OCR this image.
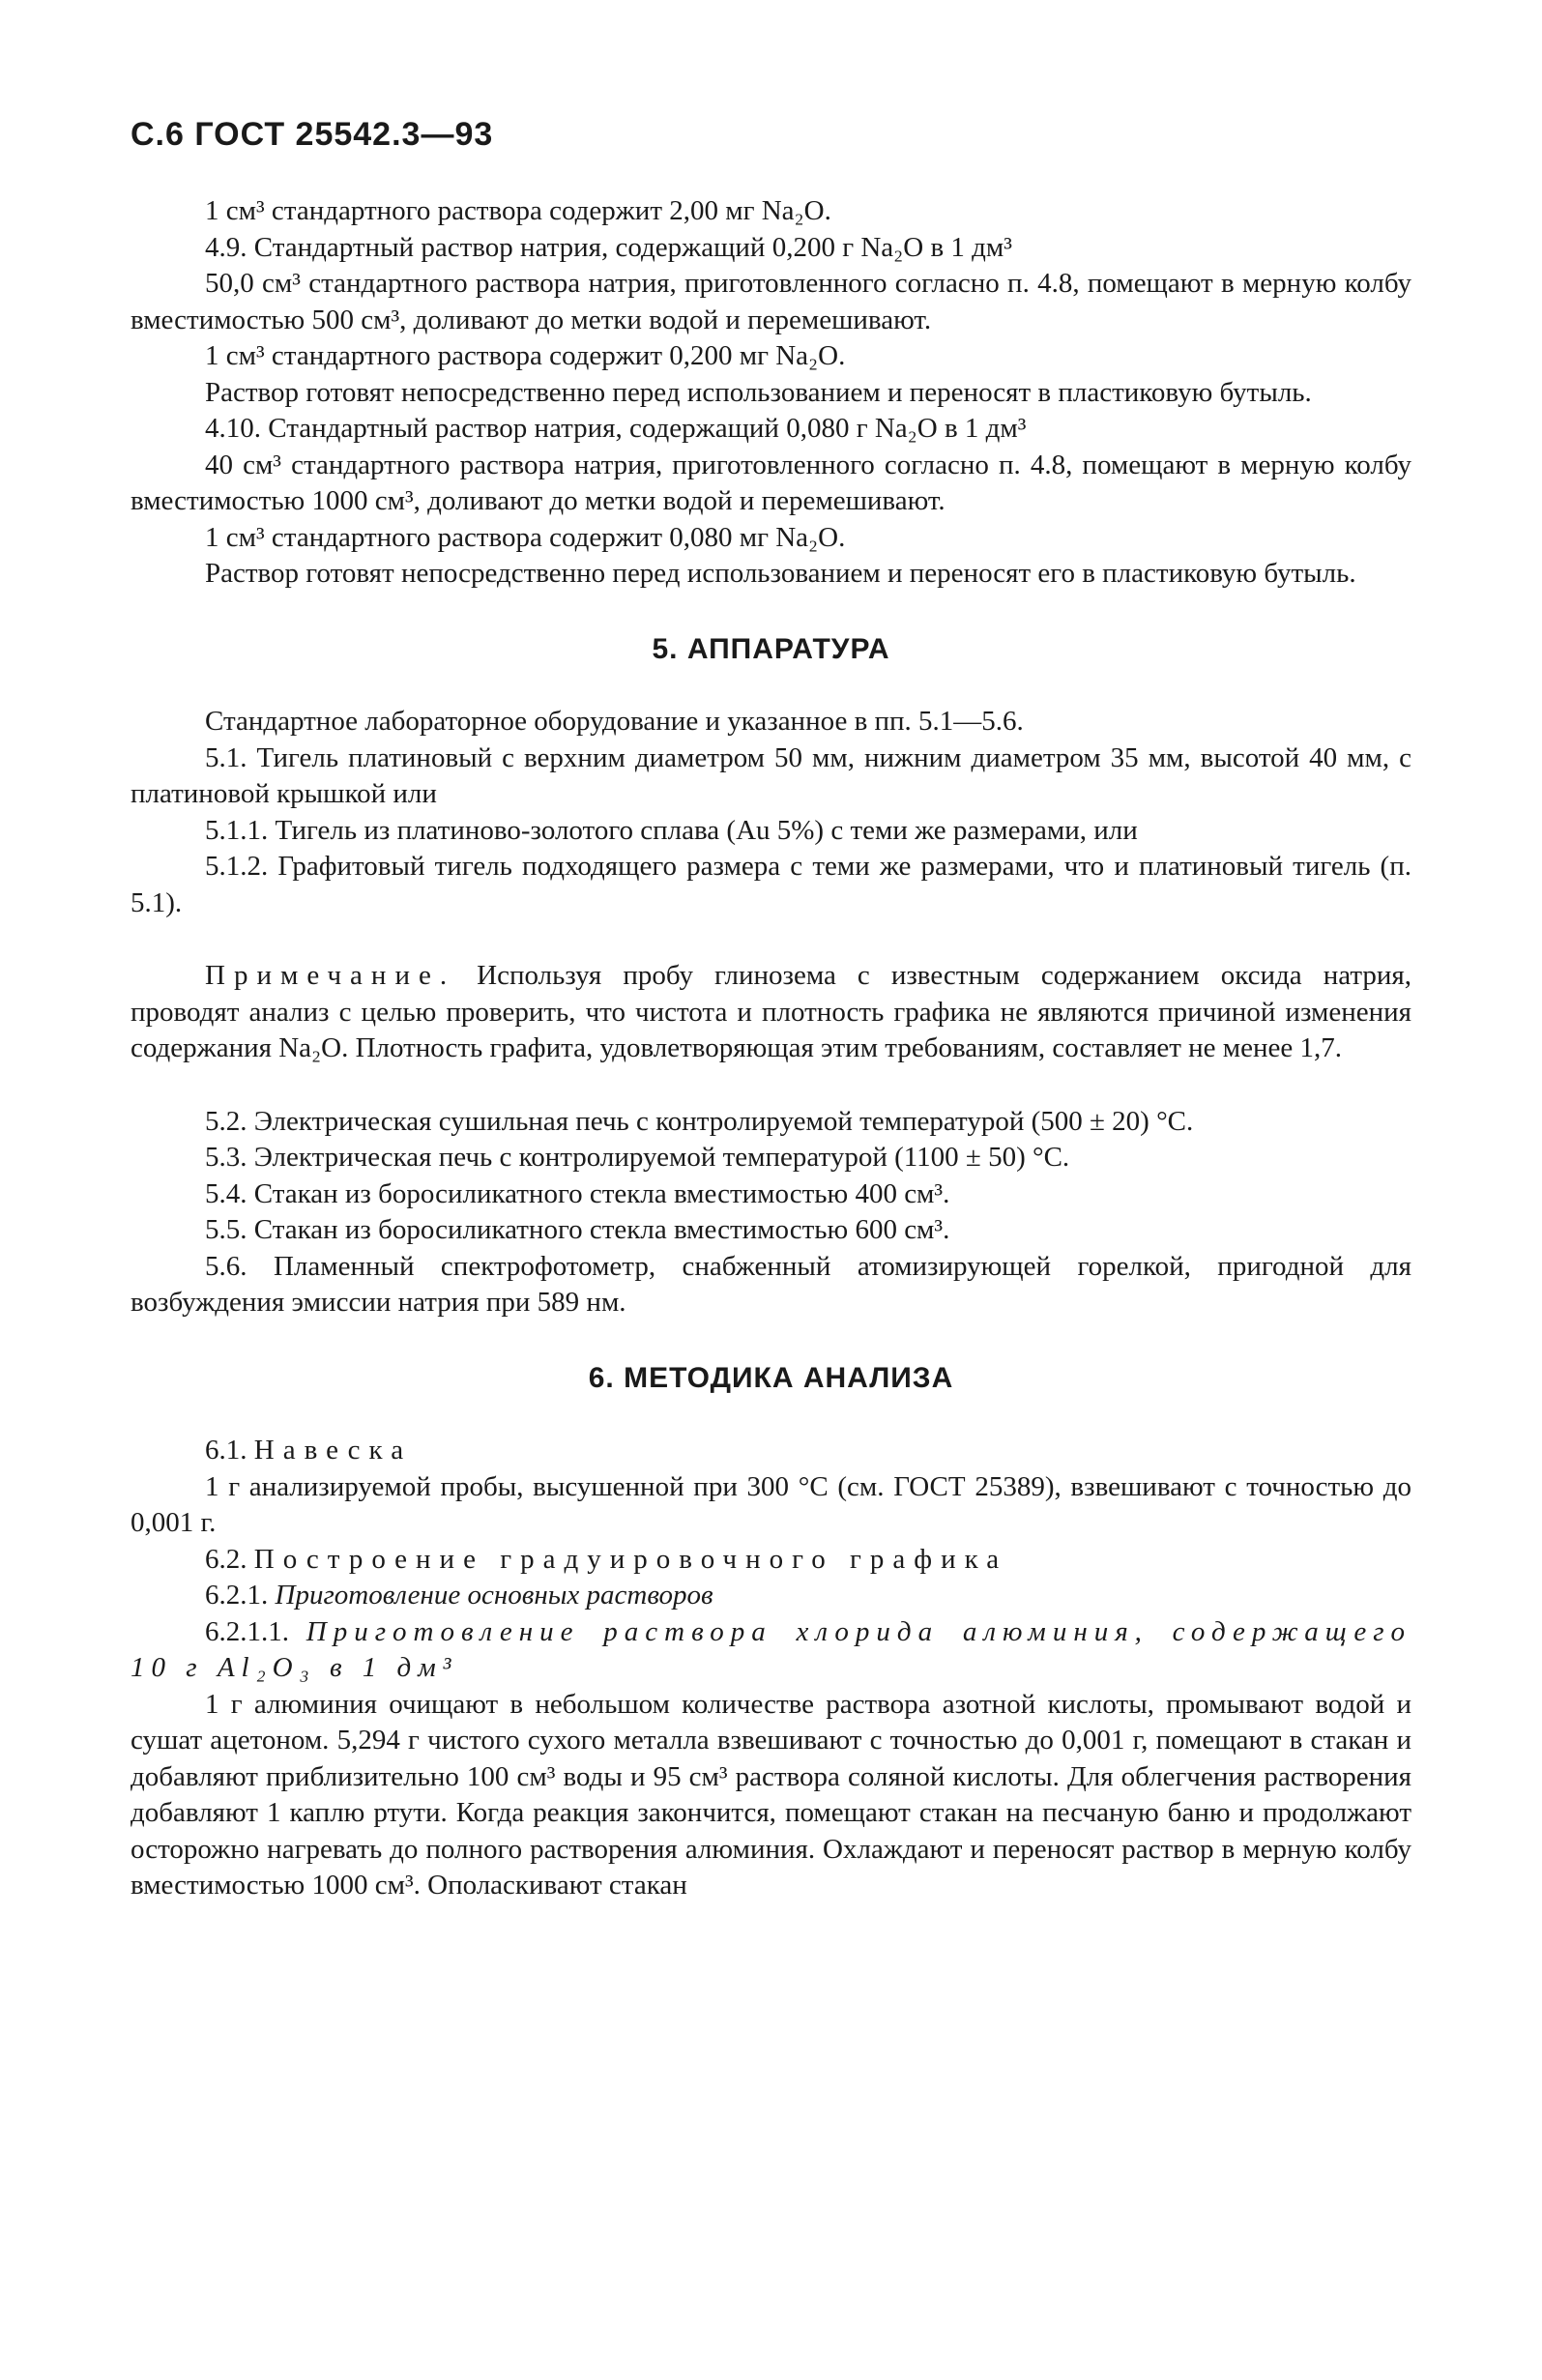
С.6 ГОСТ 25542.3—93

1 см³ стандартного раствора содержит 2,00 мг Na₂O.

4.9. Стандартный раствор натрия, содержащий 0,200 г Na₂O в 1 дм³

50,0 см³ стандартного раствора натрия, приготовленного согласно п. 4.8, помещают в мерную колбу вместимостью 500 см³, доливают до метки водой и перемешивают.

1 см³ стандартного раствора содержит 0,200 мг Na₂O.

Раствор готовят непосредственно перед использованием и переносят в пластиковую бутыль.

4.10. Стандартный раствор натрия, содержащий 0,080 г Na₂O в 1 дм³

40 см³ стандартного раствора натрия, приготовленного согласно п. 4.8, помещают в мерную колбу вместимостью 1000 см³, доливают до метки водой и перемешивают.

1 см³ стандартного раствора содержит 0,080 мг Na₂O.

Раствор готовят непосредственно перед использованием и переносят его в пластиковую бутыль.

5. АППАРАТУРА

Стандартное лабораторное оборудование и указанное в пп. 5.1—5.6.

5.1. Тигель платиновый с верхним диаметром 50 мм, нижним диаметром 35 мм, высотой 40 мм, с платиновой крышкой или

5.1.1. Тигель из платиново-золотого сплава (Au 5%) с теми же размерами, или

5.1.2. Графитовый тигель подходящего размера с теми же размерами, что и платиновый тигель (п. 5.1).

Примечание. Используя пробу глинозема с известным содержанием оксида натрия, проводят анализ с целью проверить, что чистота и плотность графика не являются причиной изменения содержания Na₂O. Плотность графита, удовлетворяющая этим требованиям, составляет не менее 1,7.

5.2. Электрическая сушильная печь с контролируемой температурой (500 ± 20) °С.

5.3. Электрическая печь с контролируемой температурой (1100 ± 50) °С.

5.4. Стакан из боросиликатного стекла вместимостью 400 см³.

5.5. Стакан из боросиликатного стекла вместимостью 600 см³.

5.6. Пламенный спектрофотометр, снабженный атомизирующей горелкой, пригодной для возбуждения эмиссии натрия при 589 нм.

6. МЕТОДИКА АНАЛИЗА

6.1. Навеска

1 г анализируемой пробы, высушенной при 300 °С (см. ГОСТ 25389), взвешивают с точностью до 0,001 г.

6.2. Построение градуировочного графика

6.2.1. Приготовление основных растворов

6.2.1.1. Приготовление раствора хлорида алюминия, содержащего 10 г Al₂O₃ в 1 дм³

1 г алюминия очищают в небольшом количестве раствора азотной кислоты, промывают водой и сушат ацетоном. 5,294 г чистого сухого металла взвешивают с точностью до 0,001 г, помещают в стакан и добавляют приблизительно 100 см³ воды и 95 см³ раствора соляной кислоты. Для облегчения растворения добавляют 1 каплю ртути. Когда реакция закончится, помещают стакан на песчаную баню и продолжают осторожно нагревать до полного растворения алюминия. Охлаждают и переносят раствор в мерную колбу вместимостью 1000 см³. Ополаскивают стакан
